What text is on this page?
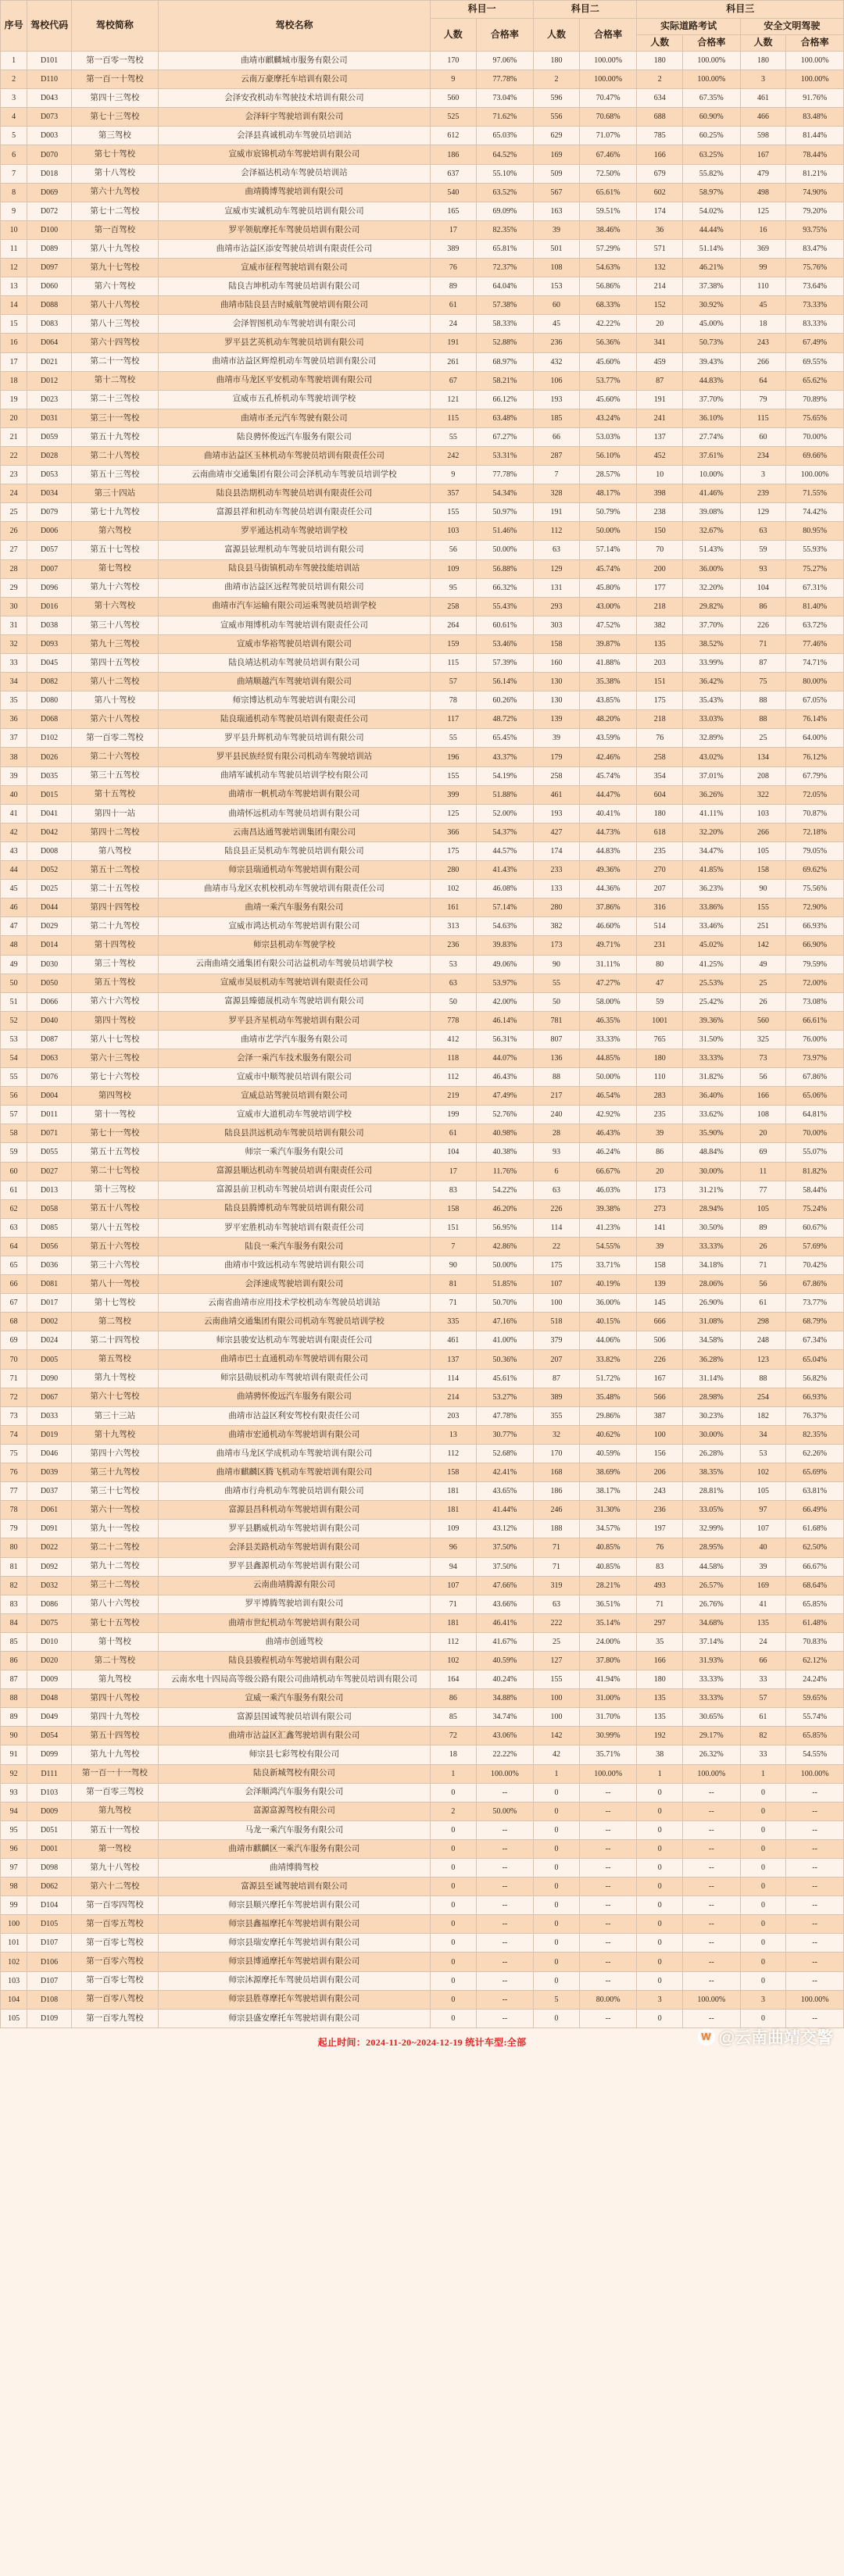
序号	驾校代码	驾校简称	驾校名称	科目一		科目二		科目三			
				人数	合格率	人数	合格率	实际道路考试		安全文明驾驶	
								人数	合格率	人数	合格率
1	D101	第一百零一驾校	曲靖市麒麟城市服务有限公司	170	97.06%	180	100.00%	180	100.00%	180	100.00%
2	D110	第一百一十驾校	云南万豪摩托车培训有限公司	9	77.78%	2	100.00%	2	100.00%	3	100.00%
3	D043	第四十三驾校	会泽安孜机动车驾驶技术培训有限公司	560	73.04%	596	70.47%	634	67.35%	461	91.76%
4	D073	第七十三驾校	会泽轩宇驾驶培训有限公司	525	71.62%	556	70.68%	688	60.90%	466	83.48%
5	D003	第三驾校	会泽县真诚机动车驾驶员培训站	612	65.03%	629	71.07%	785	60.25%	598	81.44%
6	D070	第七十驾校	宣威市宸锦机动车驾驶培训有限公司	186	64.52%	169	67.46%	166	63.25%	167	78.44%
7	D018	第十八驾校	会泽福达机动车驾驶员培训站	637	55.10%	509	72.50%	679	55.82%	479	81.21%
8	D069	第六十九驾校	曲靖腾博驾驶培训有限公司	540	63.52%	567	65.61%	602	58.97%	498	74.90%
9	D072	第七十二驾校	宣威市实诚机动车驾驶员培训有限公司	165	69.09%	163	59.51%	174	54.02%	125	79.20%
10	D100	第一百驾校	罗平领航摩托车驾驶员培训有限公司	17	82.35%	39	38.46%	36	44.44%	16	93.75%
11	D089	第八十九驾校	曲靖市沾益区添安驾驶员培训有限责任公司	389	65.81%	501	57.29%	571	51.14%	369	83.47%
12	D097	第九十七驾校	宣威市征程驾驶培训有限公司	76	72.37%	108	54.63%	132	46.21%	99	75.76%
13	D060	第六十驾校	陆良吉坤机动车驾驶员培训有限公司	89	64.04%	153	56.86%	214	37.38%	110	73.64%
14	D088	第八十八驾校	曲靖市陆良县吉时威航驾驶培训有限公司	61	57.38%	60	68.33%	152	30.92%	45	73.33%
15	D083	第八十三驾校	会泽智图机动车驾驶培训有限公司	24	58.33%	45	42.22%	20	45.00%	18	83.33%
16	D064	第六十四驾校	罗平县艺英机动车驾驶员培训有限公司	191	52.88%	236	56.36%	341	50.73%	243	67.49%
17	D021	第二十一驾校	曲靖市沾益区辉煌机动车驾驶员培训有限公司	261	68.97%	432	45.60%	459	39.43%	266	69.55%
18	D012	第十二驾校	曲靖市马龙区平安机动车驾驶培训有限公司	67	58.21%	106	53.77%	87	44.83%	64	65.62%
19	D023	第二十三驾校	宣威市五孔桥机动车驾驶培训学校	121	66.12%	193	45.60%	191	37.70%	79	70.89%
20	D031	第三十一驾校	曲靖市圣元汽车驾驶有限公司	115	63.48%	185	43.24%	241	36.10%	115	75.65%
21	D059	第五十九驾校	陆良骋怀俊远汽车服务有限公司	55	67.27%	66	53.03%	137	27.74%	60	70.00%
22	D028	第二十八驾校	曲靖市沾益区玉林机动车驾驶员培训有限责任公司	242	53.31%	287	56.10%	452	37.61%	234	69.66%
23	D053	第五十三驾校	云南曲靖市交通集团有限公司会泽机动车驾驶员培训学校	9	77.78%	7	28.57%	10	10.00%	3	100.00%
24	D034	第三十四站	陆良县浩期机动车驾驶员培训有限责任公司	357	54.34%	328	48.17%	398	41.46%	239	71.55%
25	D079	第七十九驾校	富源县祥和机动车驾驶员培训有限责任公司	155	50.97%	191	50.79%	238	39.08%	129	74.42%
26	D006	第六驾校	罗平通达机动车驾驶培训学校	103	51.46%	112	50.00%	150	32.67%	63	80.95%
27	D057	第五十七驾校	富源县铉理机动车驾驶员培训有限公司	56	50.00%	63	57.14%	70	51.43%	59	55.93%
28	D007	第七驾校	陆良县马街镇机动车驾驶技能培训站	109	56.88%	129	45.74%	200	36.00%	93	75.27%
29	D096	第九十六驾校	曲靖市沾益区远程驾驶员培训有限公司	95	66.32%	131	45.80%	177	32.20%	104	67.31%
30	D016	第十六驾校	曲靖市汽车运输有限公司运乘驾驶员培训学校	258	55.43%	293	43.00%	218	29.82%	86	81.40%
31	D038	第三十八驾校	宣威市翔博机动车驾驶培训有限责任公司	264	60.61%	303	47.52%	382	37.70%	226	63.72%
32	D093	第九十三驾校	宣威市华裕驾驶员培训有限公司	159	53.46%	158	39.87%	135	38.52%	71	77.46%
33	D045	第四十五驾校	陆良靖达机动车驾驶员培训有限公司	115	57.39%	160	41.88%	203	33.99%	87	74.71%
34	D082	第八十二驾校	曲靖顺越汽车驾驶培训有限公司	57	56.14%	130	35.38%	151	36.42%	75	80.00%
35	D080	第八十驾校	师宗博达机动车驾驶培训有限公司	78	60.26%	130	43.85%	175	35.43%	88	67.05%
36	D068	第六十八驾校	陆良瑞通机动车驾驶员培训有限责任公司	117	48.72%	139	48.20%	218	33.03%	88	76.14%
37	D102	第一百零二驾校	罗平县升辉机动车驾驶员培训有限公司	55	65.45%	39	43.59%	76	32.89%	25	64.00%
38	D026	第二十六驾校	罗平县民族经贸有限公司机动车驾驶培训站	196	43.37%	179	42.46%	258	43.02%	134	76.12%
39	D035	第三十五驾校	曲靖军诚机动车驾驶员培训学校有限公司	155	54.19%	258	45.74%	354	37.01%	208	67.79%
40	D015	第十五驾校	曲靖市一帆机动车驾驶培训有限公司	399	51.88%	461	44.47%	604	36.26%	322	72.05%
41	D041	第四十一站	曲靖怀远机动车驾驶员培训有限公司	125	52.00%	193	40.41%	180	41.11%	103	70.87%
42	D042	第四十二驾校	云南昌达通驾驶培训集团有限公司	366	54.37%	427	44.73%	618	32.20%	266	72.18%
43	D008	第八驾校	陆良县正昊机动车驾驶员培训有限公司	175	44.57%	174	44.83%	235	34.47%	105	79.05%
44	D052	第五十二驾校	师宗县瑞通机动车驾驶培训有限公司	280	41.43%	233	49.36%	270	41.85%	158	69.62%
45	D025	第二十五驾校	曲靖市马龙区农机校机动车驾驶培训有限责任公司	102	46.08%	133	44.36%	207	36.23%	90	75.56%
46	D044	第四十四驾校	曲靖一乘汽车服务有限公司	161	57.14%	280	37.86%	316	33.86%	155	72.90%
47	D029	第二十九驾校	宣威市鸿达机动车驾驶培训有限公司	313	54.63%	382	46.60%	514	33.46%	251	66.93%
48	D014	第十四驾校	师宗县机动车驾驶学校	236	39.83%	173	49.71%	231	45.02%	142	66.90%
49	D030	第三十驾校	云南曲靖交通集团有限公司沾益机动车驾驶员培训学校	53	49.06%	90	31.11%	80	41.25%	49	79.59%
50	D050	第五十驾校	宣威市昊辰机动车驾驶培训有限责任公司	63	53.97%	55	47.27%	47	25.53%	25	72.00%
51	D066	第六十六驾校	富源县臻德晟机动车驾驶培训有限公司	50	42.00%	50	58.00%	59	25.42%	26	73.08%
52	D040	第四十驾校	罗平县齐星机动车驾驶培训有限公司	778	46.14%	781	46.35%	1001	39.36%	560	66.61%
53	D087	第八十七驾校	曲靖市艺学汽车服务有限公司	412	56.31%	807	33.33%	765	31.50%	325	76.00%
54	D063	第六十三驾校	会泽一乘汽车技术服务有限公司	118	44.07%	136	44.85%	180	33.33%	73	73.97%
55	D076	第七十六驾校	宣威市中顺驾驶员培训有限公司	112	46.43%	88	50.00%	110	31.82%	56	67.86%
56	D004	第四驾校	宣威总站驾驶员培训有限公司	219	47.49%	217	46.54%	283	36.40%	166	65.06%
57	D011	第十一驾校	宣威市大道机动车驾驶培训学校	199	52.76%	240	42.92%	235	33.62%	108	64.81%
58	D071	第七十一驾校	陆良县洪远机动车驾驶员培训有限公司	61	40.98%	28	46.43%	39	35.90%	20	70.00%
59	D055	第五十五驾校	师宗一乘汽车服务有限公司	104	40.38%	93	46.24%	86	48.84%	69	55.07%
60	D027	第二十七驾校	富源县顺达机动车驾驶员培训有限责任公司	17	11.76%	6	66.67%	20	30.00%	11	81.82%
61	D013	第十三驾校	富源县前卫机动车驾驶员培训有限责任公司	83	54.22%	63	46.03%	173	31.21%	77	58.44%
62	D058	第五十八驾校	陆良县腾博机动车驾驶员培训有限公司	158	46.20%	226	39.38%	273	28.94%	105	75.24%
63	D085	第八十五驾校	罗平宏胜机动车驾驶培训有限责任公司	151	56.95%	114	41.23%	141	30.50%	89	60.67%
64	D056	第五十六驾校	陆良一乘汽车服务有限公司	7	42.86%	22	54.55%	39	33.33%	26	57.69%
65	D036	第三十六驾校	曲靖市中致远机动车驾驶培训有限公司	90	50.00%	175	33.71%	158	34.18%	71	70.42%
66	D081	第八十一驾校	会泽速成驾驶培训有限公司	81	51.85%	107	40.19%	139	28.06%	56	67.86%
67	D017	第十七驾校	云南省曲靖市应用技术学校机动车驾驶员培训站	71	50.70%	100	36.00%	145	26.90%	61	73.77%
68	D002	第二驾校	云南曲靖交通集团有限公司机动车驾驶员培训学校	335	47.16%	518	40.15%	666	31.08%	298	68.79%
69	D024	第二十四驾校	师宗县骏安达机动车驾驶培训有限责任公司	461	41.00%	379	44.06%	506	34.58%	248	67.34%
70	D005	第五驾校	曲靖市巴士直通机动车驾驶培训有限公司	137	50.36%	207	33.82%	226	36.28%	123	65.04%
71	D090	第九十驾校	师宗县勋辰机动车驾驶培训有限责任公司	114	45.61%	87	51.72%	167	31.14%	88	56.82%
72	D067	第六十七驾校	曲靖骋怀俊远汽车服务有限公司	214	53.27%	389	35.48%	566	28.98%	254	66.93%
73	D033	第三十三站	曲靖市沾益区利安驾校有限责任公司	203	47.78%	355	29.86%	387	30.23%	182	76.37%
74	D019	第十九驾校	曲靖市宏通机动车驾驶培训有限公司	13	30.77%	32	40.62%	100	30.00%	34	82.35%
75	D046	第四十六驾校	曲靖市马龙区学成机动车驾驶培训有限公司	112	52.68%	170	40.59%	156	26.28%	53	62.26%
76	D039	第三十九驾校	曲靖市麒麟区腾飞机动车驾驶培训有限公司	158	42.41%	168	38.69%	206	38.35%	102	65.69%
77	D037	第三十七驾校	曲靖市行舟机动车驾驶员培训有限公司	181	43.65%	186	38.17%	243	28.81%	105	63.81%
78	D061	第六十一驾校	富源县昌科机动车驾驶培训有限公司	181	41.44%	246	31.30%	236	33.05%	97	66.49%
79	D091	第九十一驾校	罗平县鹏威机动车驾驶培训有限公司	109	43.12%	188	34.57%	197	32.99%	107	61.68%
80	D022	第二十二驾校	会泽县美路机动车驾驶培训有限公司	96	37.50%	71	40.85%	76	28.95%	40	62.50%
81	D092	第九十二驾校	罗平县鑫源机动车驾驶培训有限公司	94	37.50%	71	40.85%	83	44.58%	39	66.67%
82	D032	第三十二驾校	云南曲靖腾源有限公司	107	47.66%	319	28.21%	493	26.57%	169	68.64%
83	D086	第八十六驾校	罗平博腾驾驶培训有限公司	71	43.66%	63	36.51%	71	26.76%	41	65.85%
84	D075	第七十五驾校	曲靖市世纪机动车驾驶培训有限公司	181	46.41%	222	35.14%	297	34.68%	135	61.48%
85	D010	第十驾校	曲靖市创通驾校	112	41.67%	25	24.00%	35	37.14%	24	70.83%
86	D020	第二十驾校	陆良县骏程机动车驾驶培训有限公司	102	40.59%	127	37.80%	166	31.93%	66	62.12%
87	D009	第九驾校	云南水电十四局高等级公路有限公司曲靖机动车驾驶员培训有限公司	164	40.24%	155	41.94%	180	33.33%	33	24.24%
88	D048	第四十八驾校	宣威一乘汽车服务有限公司	86	34.88%	100	31.00%	135	33.33%	57	59.65%
89	D049	第四十九驾校	富源县国诚驾驶员培训有限公司	85	34.74%	100	31.70%	135	30.65%	61	55.74%
90	D054	第五十四驾校	曲靖市沾益区汇鑫驾驶培训有限公司	72	43.06%	142	30.99%	192	29.17%	82	65.85%
91	D099	第九十九驾校	师宗县七彩驾校有限公司	18	22.22%	42	35.71%	38	26.32%	33	54.55%
92	D111	第一百一十一驾校	陆良新城驾校有限公司	1	100.00%	1	100.00%	1	100.00%	1	100.00%
93	D103	第一百零三驾校	会泽顺鸿汽车服务有限公司	0	--	0	--	0	--	0	--
94	D009	第九驾校	富源富源驾校有限公司	2	50.00%	0	--	0	--	0	--
95	D051	第五十一驾校	马龙一乘汽车服务有限公司	0	--	0	--	0	--	0	--
96	D001	第一驾校	曲靖市麒麟区一乘汽车服务有限公司	0	--	0	--	0	--	0	--
97	D098	第九十八驾校	曲靖博腾驾校	0	--	0	--	0	--	0	--
98	D062	第六十二驾校	富源县至诚驾驶培训有限公司	0	--	0	--	0	--	0	--
99	D104	第一百零四驾校	师宗县顺兴摩托车驾驶培训有限公司	0	--	0	--	0	--	0	--
100	D105	第一百零五驾校	师宗县鑫福摩托车驾驶培训有限公司	0	--	0	--	0	--	0	--
101	D107	第一百零七驾校	师宗县瑞安摩托车驾驶培训有限公司	0	--	0	--	0	--	0	--
102	D106	第一百零六驾校	师宗县博通摩托车驾驶培训有限公司	0	--	0	--	0	--	0	--
103	D107	第一百零七驾校	师宗沐源摩托车驾驶员培训有限公司	0	--	0	--	0	--	0	--
104	D108	第一百零八驾校	师宗县胜尊摩托车驾驶培训有限公司	0	--	5	80.00%	3	100.00%	3	100.00%
105	D109	第一百零九驾校	师宗县盛安摩托车驾驶培训有限公司	0	--	0	--	0	--	0	--
起止时间：2024-11-20~2024-12-19 统计车型:全部	W @云南曲靖交警
